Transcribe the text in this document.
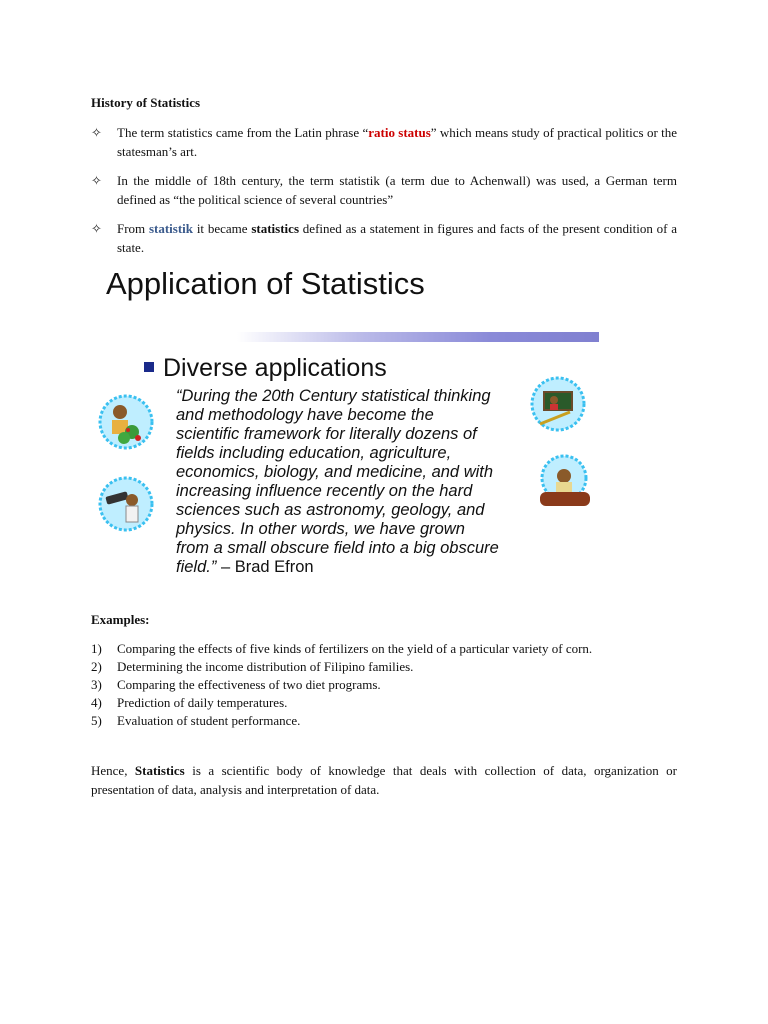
History of Statistics
✧ The term statistics came from the Latin phrase “ratio status” which means study of practical politics or the statesman’s art.
✧ In the middle of 18th century, the term statistik (a term due to Achenwall) was used, a German term defined as “the political science of several countries”
✧ From statistik it became statistics defined as a statement in figures and facts of the present condition of a state.
Application of Statistics
Diverse applications
“During the 20th Century statistical thinking
and methodology have become the
scientific framework for literally dozens of
fields including education, agriculture,
economics, biology, and medicine, and with
increasing influence recently on the hard
sciences such as astronomy, geology, and
physics. In other words, we have grown
from a small obscure field into a big obscure
field.” – Brad Efron
Examples:
1) Comparing the effects of five kinds of fertilizers on the yield of a particular variety of corn.
2) Determining the income distribution of Filipino families.
3) Comparing the effectiveness of two diet programs.
4) Prediction of daily temperatures.
5) Evaluation of student performance.
Hence, Statistics is a scientific body of knowledge that deals with collection of data, organization or presentation of data, analysis and interpretation of data.
